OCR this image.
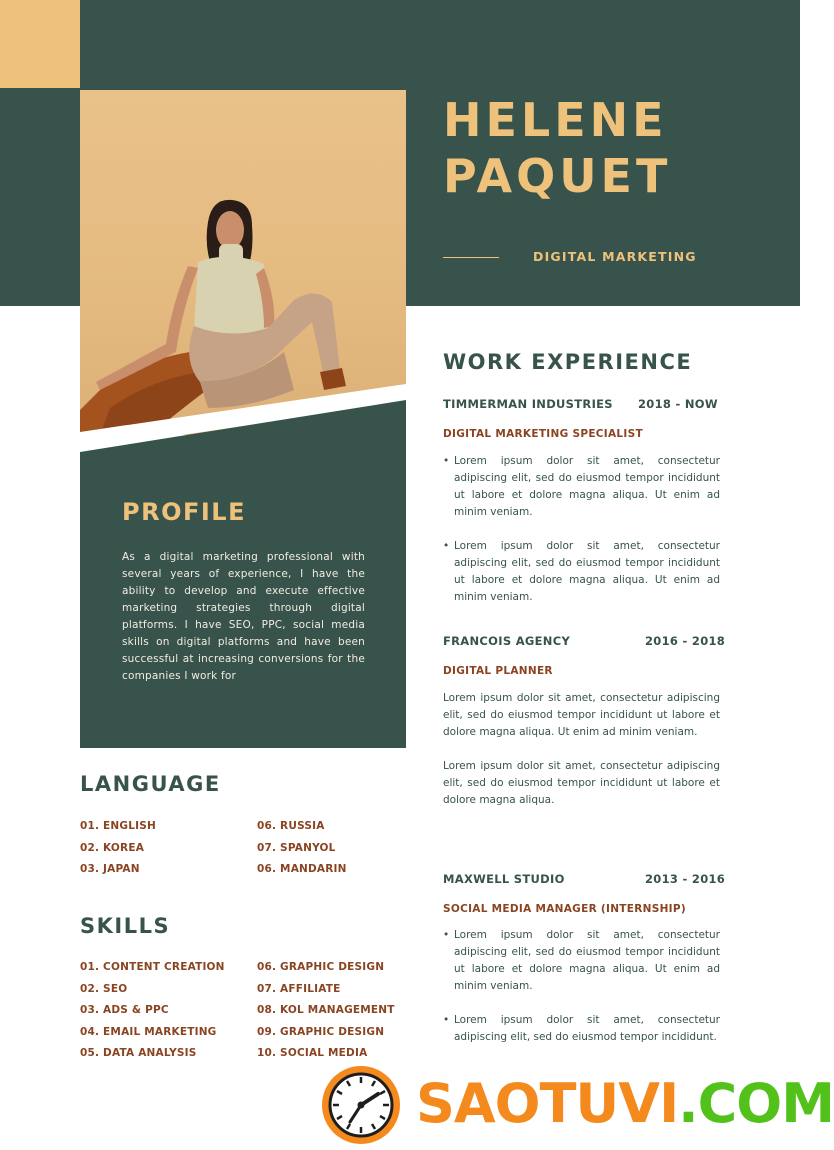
PROFILE
As a digital marketing professional with several years of experience, I have the ability to develop and execute effective marketing strategies through digital platforms. I have SEO, PPC, social media skills on digital platforms and have been successful at increasing conversions for the companies I work for
HELENE
PAQUET
DIGITAL MARKETING
WORK EXPERIENCE
TIMMERMAN INDUSTRIES 2018 - NOW
DIGITAL MARKETING SPECIALIST
• Lorem ipsum dolor sit amet, consectetur adipiscing elit, sed do eiusmod tempor incididunt ut labore et dolore magna aliqua. Ut enim ad minim veniam.
• Lorem ipsum dolor sit amet, consectetur adipiscing elit, sed do eiusmod tempor incididunt ut labore et dolore magna aliqua. Ut enim ad minim veniam.
FRANCOIS AGENCY	2016 - 2018
DIGITAL PLANNER

Lorem ipsum dolor sit amet, consectetur adipiscing elit, sed do eiusmod tempor incididunt ut labore et dolore magna aliqua. Ut enim ad minim veniam.

Lorem ipsum dolor sit amet, consectetur adipiscing elit, sed do eiusmod tempor incididunt ut labore et dolore magna aliqua.

MAXWELL STUDIO	2013 - 2016
SOCIAL MEDIA MANAGER (INTERNSHIP)
• Lorem ipsum dolor sit amet, consectetur adipiscing elit, sed do eiusmod tempor incididunt ut labore et dolore magna aliqua. Ut enim ad minim veniam.
• Lorem ipsum dolor sit amet, consectetur adipiscing elit, sed do eiusmod tempor incididunt.
LANGUAGE
01. ENGLISH
02. KOREA
03. JAPAN
06. RUSSIA
07. SPANYOL
06. MANDARIN
SKILLS
01. CONTENT CREATION
02. SEO
03. ADS & PPC
04. EMAIL MARKETING
05. DATA ANALYSIS
06. GRAPHIC DESIGN
07. AFFILIATE
08. KOL MANAGEMENT
09. GRAPHIC DESIGN
10. SOCIAL MEDIA
SAOTUVI.COM
